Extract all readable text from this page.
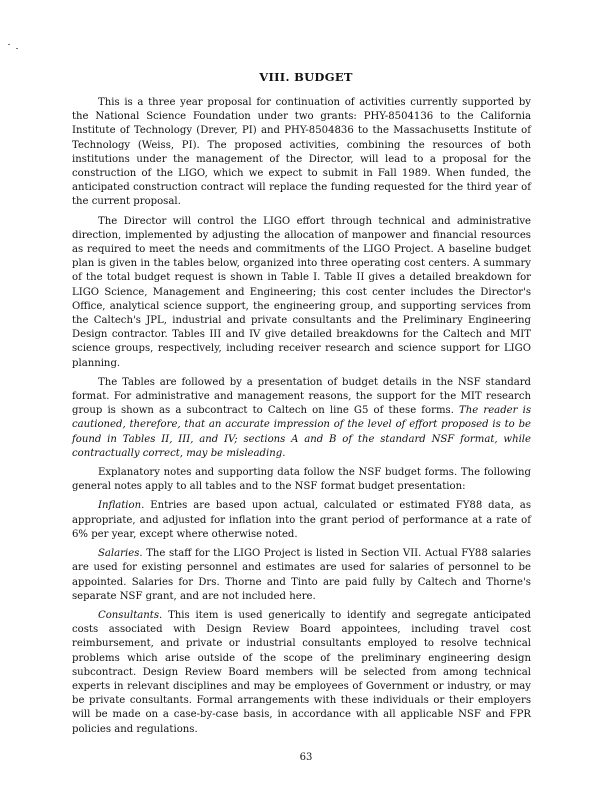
VIII. BUDGET

This is a three year proposal for continuation of activities currently supported by the National Science Foundation under two grants: PHY-8504136 to the California Institute of Technology (Drever, PI) and PHY-8504836 to the Massachusetts Institute of Technology (Weiss, PI). The proposed activities, combining the resources of both institutions under the management of the Director, will lead to a proposal for the construction of the LIGO, which we expect to submit in Fall 1989. When funded, the anticipated construction contract will replace the funding requested for the third year of the current proposal.

The Director will control the LIGO effort through technical and administrative direction, implemented by adjusting the allocation of manpower and financial resources as required to meet the needs and commitments of the LIGO Project. A baseline budget plan is given in the tables below, organized into three operating cost centers. A summary of the total budget request is shown in Table I. Table II gives a detailed breakdown for LIGO Science, Management and Engineering; this cost center includes the Director's Office, analytical science support, the engineering group, and supporting services from the Caltech's JPL, industrial and private consultants and the Preliminary Engineering Design contractor. Tables III and IV give detailed breakdowns for the Caltech and MIT science groups, respectively, including receiver research and science support for LIGO planning.

The Tables are followed by a presentation of budget details in the NSF standard format. For administrative and management reasons, the support for the MIT research group is shown as a subcontract to Caltech on line G5 of these forms. The reader is cautioned, therefore, that an accurate impression of the level of effort proposed is to be found in Tables II, III, and IV; sections A and B of the standard NSF format, while contractually correct, may be misleading.

Explanatory notes and supporting data follow the NSF budget forms. The following general notes apply to all tables and to the NSF format budget presentation:

Inflation. Entries are based upon actual, calculated or estimated FY88 data, as appropriate, and adjusted for inflation into the grant period of performance at a rate of 6% per year, except where otherwise noted.

Salaries. The staff for the LIGO Project is listed in Section VII. Actual FY88 salaries are used for existing personnel and estimates are used for salaries of personnel to be appointed. Salaries for Drs. Thorne and Tinto are paid fully by Caltech and Thorne's separate NSF grant, and are not included here.

Consultants. This item is used generically to identify and segregate anticipated costs associated with Design Review Board appointees, including travel cost reimbursement, and private or industrial consultants employed to resolve technical problems which arise outside of the scope of the preliminary engineering design subcontract. Design Review Board members will be selected from among technical experts in relevant disciplines and may be employees of Government or industry, or may be private consultants. Formal arrangements with these individuals or their employers will be made on a case-by-case basis, in accordance with all applicable NSF and FPR policies and regulations.

63
